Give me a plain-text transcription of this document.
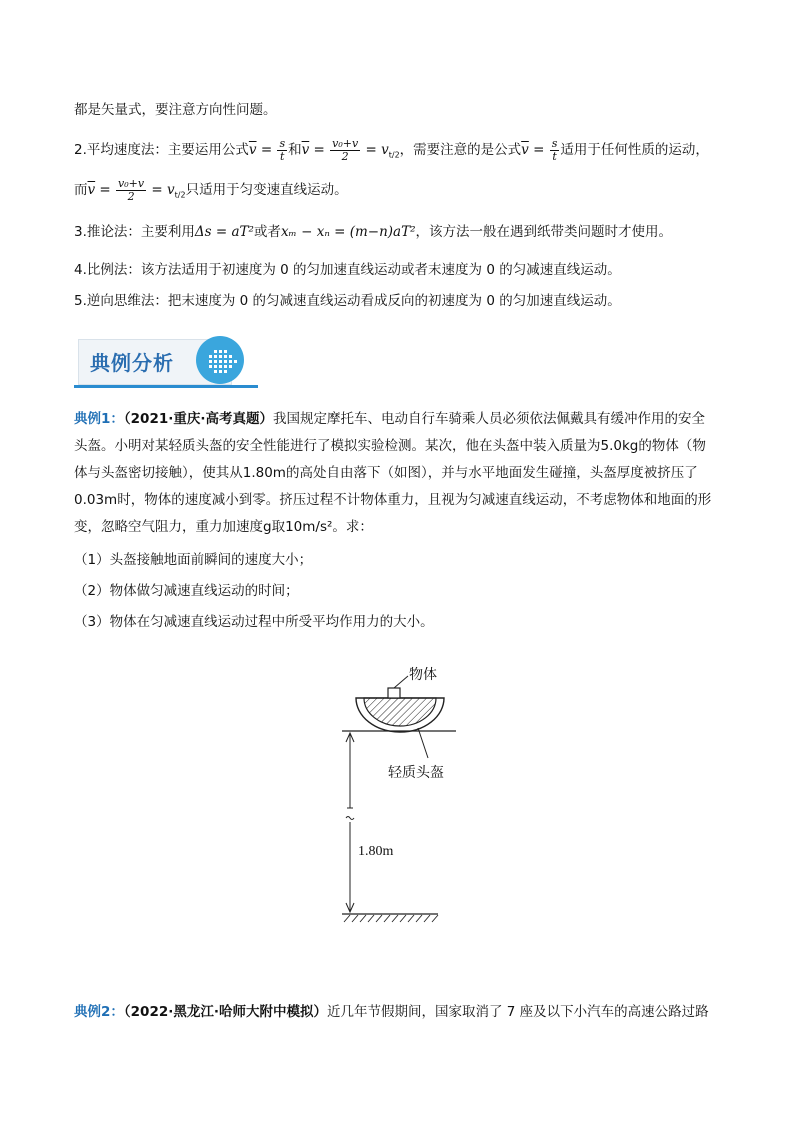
都是矢量式，要注意方向性问题。
2.平均速度法：主要运用公式$\overline{v} = \frac{s}{t}$ 和$\overline{v} = \frac{\text{v₀+v}}{2} = v_{t/2}$，需要注意的是公式$\overline{v} = \frac{s}{t}$ 适用于任何性质的运动，
而$\overline{v} = \frac{\text{v₀+v}}{2} = v_{t/2}$只适用于匀变速直线运动。
3.推论法：主要利用Δs = aT²或者xₘ − xₙ = (m−n)aT²，该方法一般在遇到纸带类问题时才使用。
4.比例法：该方法适用于初速度为 0 的匀加速直线运动或者末速度为 0 的匀减速直线运动。
5.逆向思维法：把末速度为 0 的匀减速直线运动看成反向的初速度为 0 的匀加速直线运动。
典例分析
典例1：（2021·重庆·高考真题）我国规定摩托车、电动自行车骑乘人员必须依法佩戴具有缓冲作用的安全
头盔。小明对某轻质头盔的安全性能进行了模拟实验检测。某次，他在头盔中装入质量为5.0kg的物体（物
体与头盔密切接触），使其从1.80m的高处自由落下（如图），并与水平地面发生碰撞，头盔厚度被挤压了
0.03m时，物体的速度减小到零。挤压过程不计物体重力，且视为匀减速直线运动，不考虑物体和地面的形
变，忽略空气阻力，重力加速度g取10m/s²。求：
（1）头盔接触地面前瞬间的速度大小；
（2）物体做匀减速直线运动的时间；
（3）物体在匀减速直线运动过程中所受平均作用力的大小。
物体
轻质头盔
1.80m
典例2：（2022·黑龙江·哈师大附中模拟）近几年节假期间，国家取消了 7 座及以下小汽车的高速公路过路
